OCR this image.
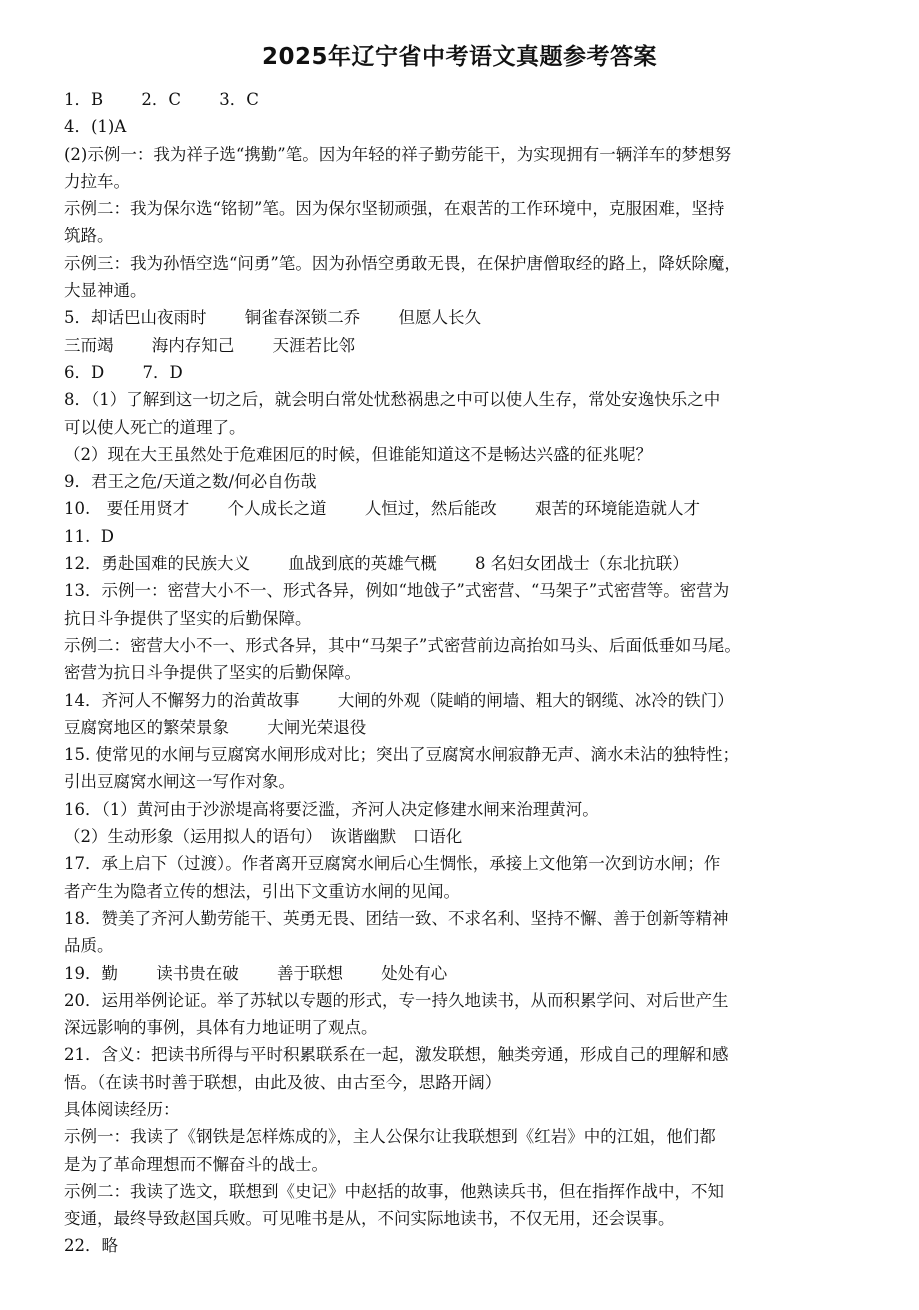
2025年辽宁省中考语文真题参考答案
1．B　　 2．C　　 3．C
4．(1)A
(2)示例一：我为祥子选“携勤”笔。因为年轻的祥子勤劳能干，为实现拥有一辆洋车的梦想努
力拉车。
示例二：我为保尔选“铭韧”笔。因为保尔坚韧顽强，在艰苦的工作环境中，克服困难，坚持
筑路。
示例三：我为孙悟空选“问勇”笔。因为孙悟空勇敢无畏，在保护唐僧取经的路上，降妖除魔，
大显神通。
5．却话巴山夜雨时　　 铜雀春深锁二乔　　 但愿人长久
三而竭　　 海内存知己　　 天涯若比邻
6．D　　 7．D
8．（1）了解到这一切之后，就会明白常处忧愁祸患之中可以使人生存，常处安逸快乐之中
可以使人死亡的道理了。
（2）现在大王虽然处于危难困厄的时候，但谁能知道这不是畅达兴盛的征兆呢？
9．君王之危/天道之数/何必自伤哉
10.　要任用贤才　　 个人成长之道　　 人恒过，然后能改　　 艰苦的环境能造就人才
11.  D
12．勇赴国难的民族大义　　 血战到底的英雄气概　　 8 名妇女团战士（东北抗联）
13．示例一：密营大小不一、形式各异，例如“地戗子”式密营、“马架子”式密营等。密营为
抗日斗争提供了坚实的后勤保障。
示例二：密营大小不一、形式各异，其中“马架子”式密营前边高抬如马头、后面低垂如马尾。
密营为抗日斗争提供了坚实的后勤保障。
14．齐河人不懈努力的治黄故事　　 大闸的外观（陡峭的闸墙、粗大的钢缆、冰冷的铁门）
豆腐窝地区的繁荣景象　　 大闸光荣退役
15. 使常见的水闸与豆腐窝水闸形成对比；突出了豆腐窝水闸寂静无声、滴水未沾的独特性；
引出豆腐窝水闸这一写作对象。
16．（1）黄河由于沙淤堤高将要泛滥，齐河人决定修建水闸来治理黄河。
（2）生动形象（运用拟人的语句）　诙谐幽默　口语化
17．承上启下（过渡）。作者离开豆腐窝水闸后心生惆怅，承接上文他第一次到访水闸；作
者产生为隐者立传的想法，引出下文重访水闸的见闻。
18．赞美了齐河人勤劳能干、英勇无畏、团结一致、不求名利、坚持不懈、善于创新等精神
品质。
19．勤　　 读书贵在破　　 善于联想　　 处处有心
20．运用举例论证。举了苏轼以专题的形式，专一持久地读书，从而积累学问、对后世产生
深远影响的事例，具体有力地证明了观点。
21．含义：把读书所得与平时积累联系在一起，激发联想，触类旁通，形成自己的理解和感
悟。（在读书时善于联想，由此及彼、由古至今，思路开阔）
具体阅读经历：
示例一：我读了《钢铁是怎样炼成的》，主人公保尔让我联想到《红岩》中的江姐，他们都
是为了革命理想而不懈奋斗的战士。
示例二：我读了选文，联想到《史记》中赵括的故事，他熟读兵书，但在指挥作战中，不知
变通，最终导致赵国兵败。可见唯书是从，不问实际地读书，不仅无用，还会误事。
22．略
